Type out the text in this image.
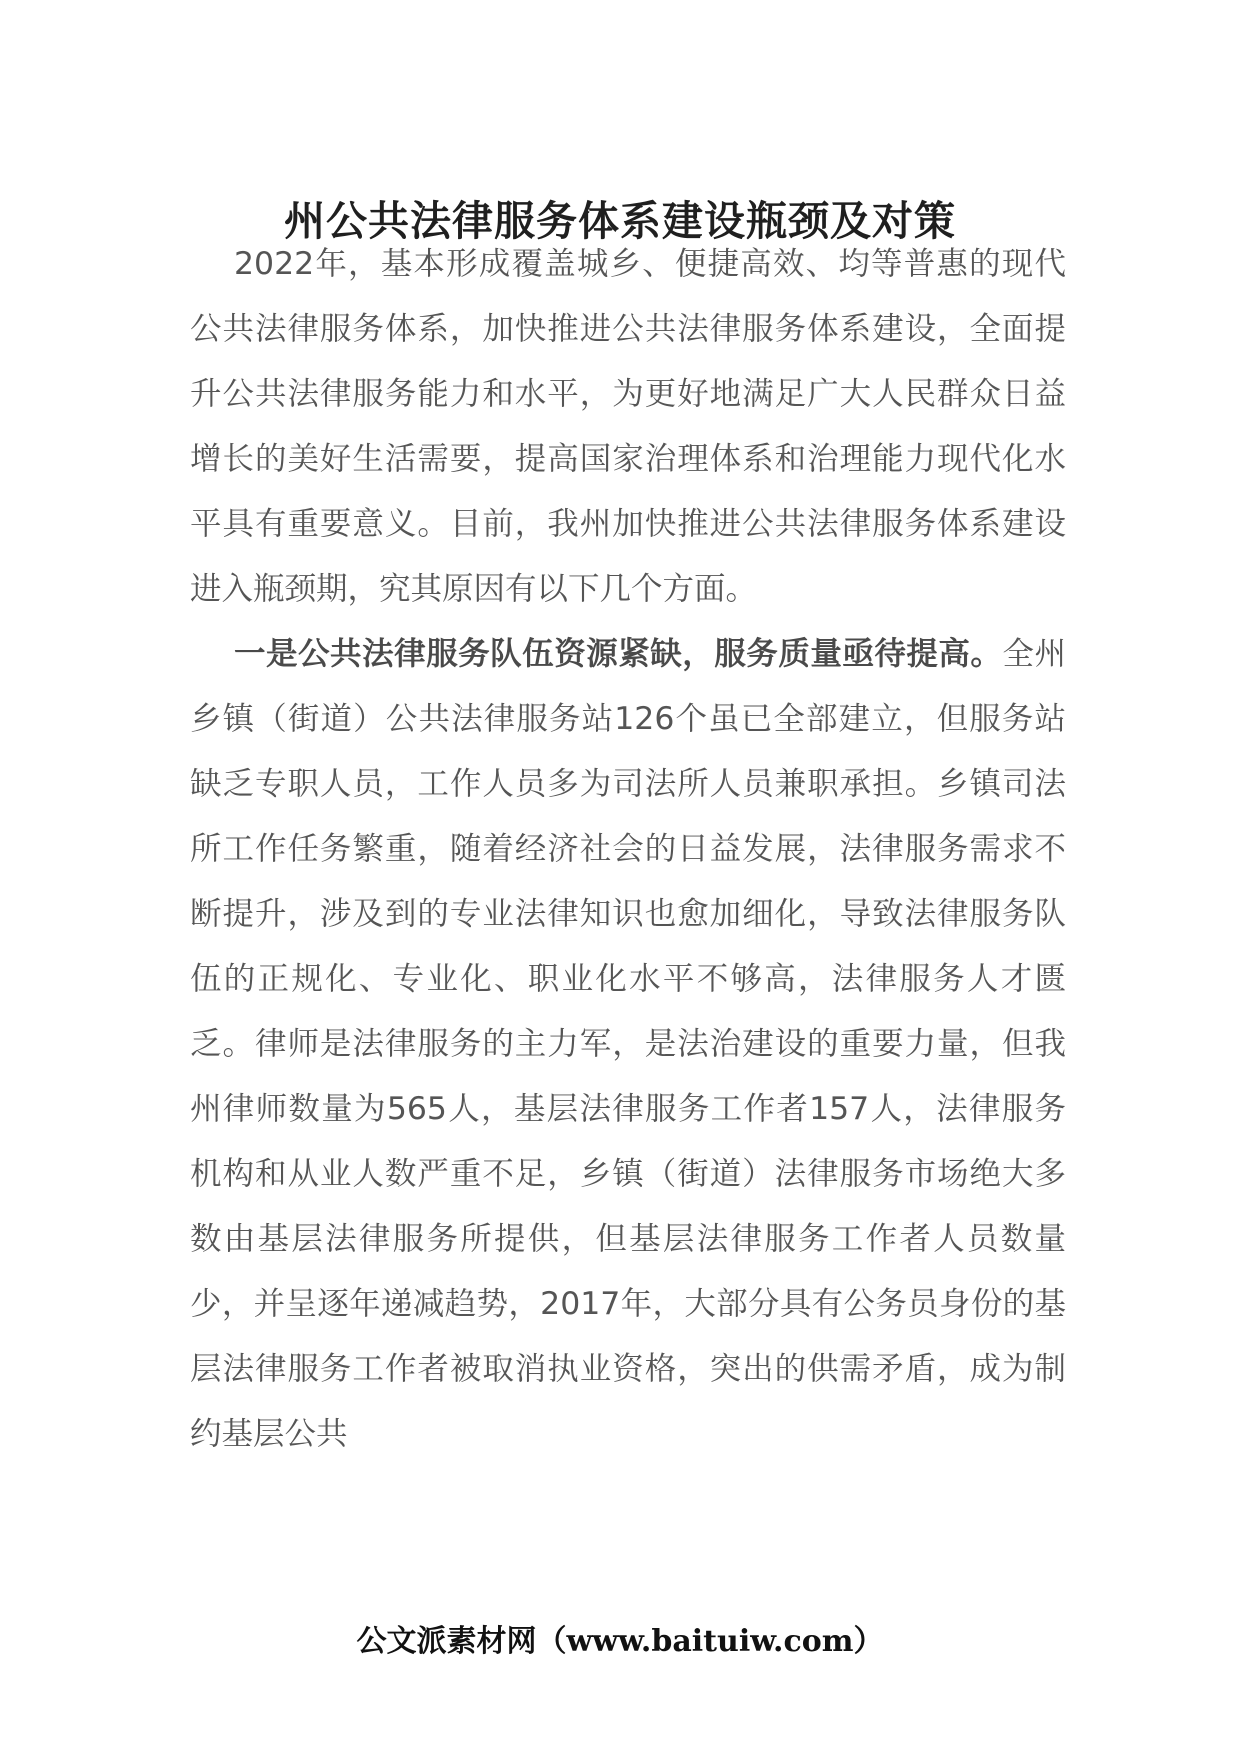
州公共法律服务体系建设瓶颈及对策

2022年，基本形成覆盖城乡、便捷高效、均等普惠的现代公共法律服务体系，加快推进公共法律服务体系建设，全面提升公共法律服务能力和水平，为更好地满足广大人民群众日益增长的美好生活需要，提高国家治理体系和治理能力现代化水平具有重要意义。目前，我州加快推进公共法律服务体系建设进入瓶颈期，究其原因有以下几个方面。

一是公共法律服务队伍资源紧缺，服务质量亟待提高。全州乡镇（街道）公共法律服务站126个虽已全部建立，但服务站缺乏专职人员，工作人员多为司法所人员兼职承担。乡镇司法所工作任务繁重，随着经济社会的日益发展，法律服务需求不断提升，涉及到的专业法律知识也愈加细化，导致法律服务队伍的正规化、专业化、职业化水平不够高，法律服务人才匮乏。律师是法律服务的主力军，是法治建设的重要力量，但我州律师数量为565人，基层法律服务工作者157人，法律服务机构和从业人数严重不足，乡镇（街道）法律服务市场绝大多数由基层法律服务所提供，但基层法律服务工作者人员数量少，并呈逐年递减趋势，2017年，大部分具有公务员身份的基层法律服务工作者被取消执业资格，突出的供需矛盾，成为制约基层公共

公文派素材网（www.baituiw.com）
